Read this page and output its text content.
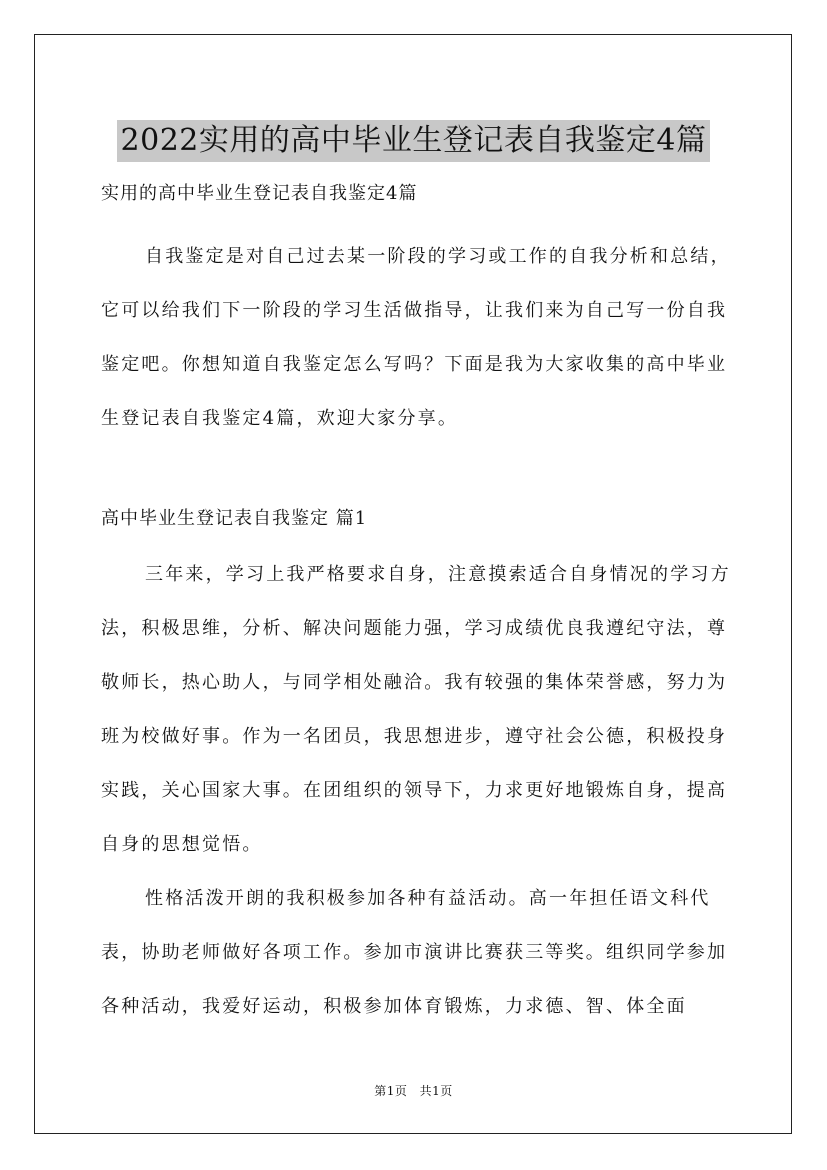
2022实用的高中毕业生登记表自我鉴定4篇
实用的高中毕业生登记表自我鉴定4篇

自我鉴定是对自己过去某一阶段的学习或工作的自我分析和总结，它可以给我们下一阶段的学习生活做指导，让我们来为自己写一份自我鉴定吧。你想知道自我鉴定怎么写吗？下面是我为大家收集的高中毕业生登记表自我鉴定4篇，欢迎大家分享。

高中毕业生登记表自我鉴定 篇1

三年来，学习上我严格要求自身，注意摸索适合自身情况的学习方法，积极思维，分析、解决问题能力强，学习成绩优良我遵纪守法，尊敬师长，热心助人，与同学相处融洽。我有较强的集体荣誉感，努力为班为校做好事。作为一名团员，我思想进步，遵守社会公德，积极投身实践，关心国家大事。在团组织的领导下，力求更好地锻炼自身，提高自身的思想觉悟。

性格活泼开朗的我积极参加各种有益活动。高一年担任语文科代表，协助老师做好各项工作。参加市演讲比赛获三等奖。组织同学参加各种活动，我爱好运动，积极参加体育锻炼，力求德、智、体全面

第1页 共1页
